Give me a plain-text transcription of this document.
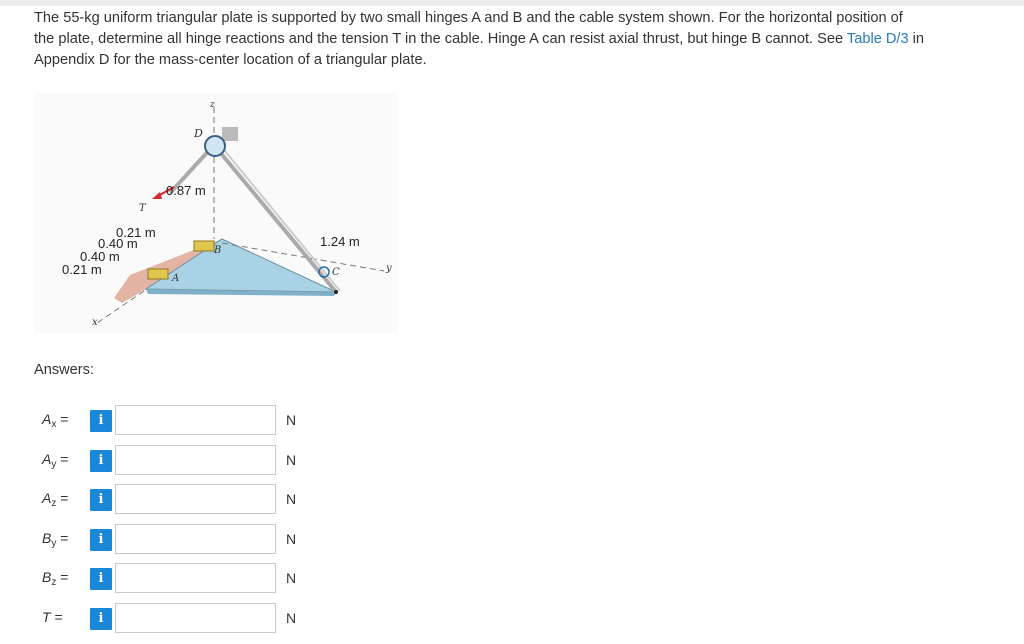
The 55-kg uniform triangular plate is supported by two small hinges A and B and the cable system shown. For the horizontal position of the plate, determine all hinge reactions and the tension T in the cable. Hinge A can resist axial thrust, but hinge B cannot. See Table D/3 in Appendix D for the mass-center location of a triangular plate.
z
D
T
0.87 m
0.21 m
0.40 m
0.40 m
0.21 m
1.24 m
B
A
C
x
y
Answers:
$A_x$ =	i	N
$A_y$ =	i	N
$A_z$ =	i	N
$B_y$ =	i	N
$B_z$ =	i	N
T =	i	N
